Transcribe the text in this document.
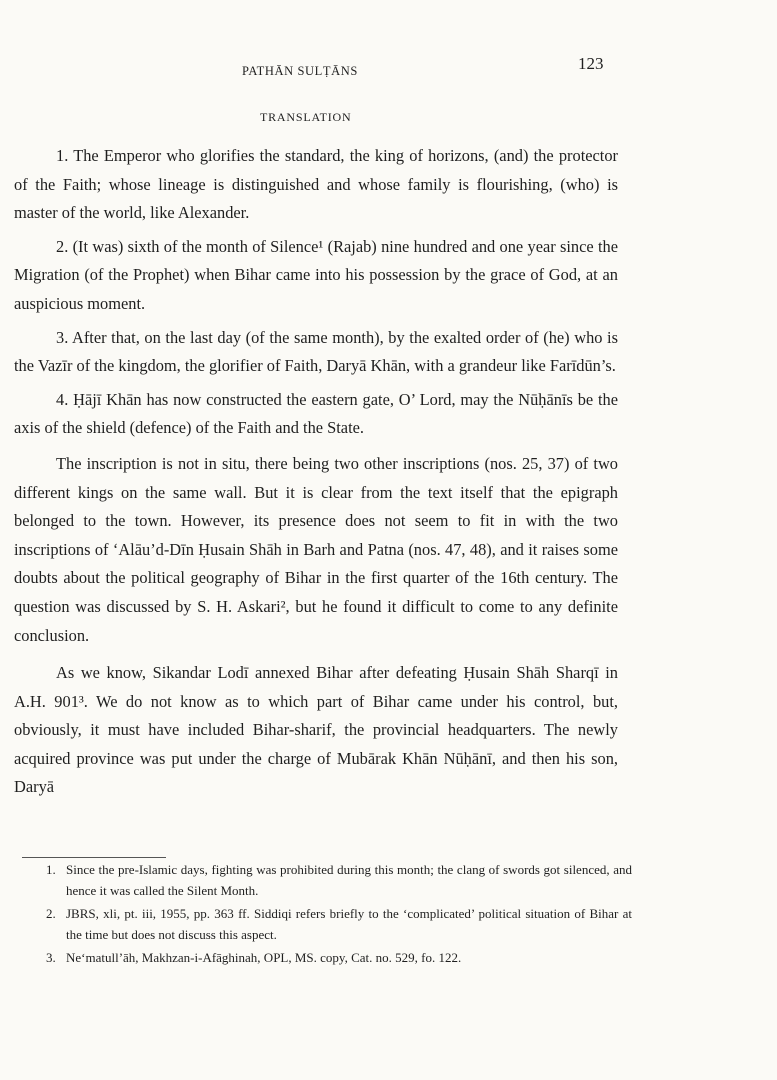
PATHĀN SULṬĀNS	123
TRANSLATION

1. The Emperor who glorifies the standard, the king of horizons, (and) the protector of the Faith; whose lineage is distinguished and whose family is flourishing, (who) is master of the world, like Alexander.

2. (It was) sixth of the month of Silence¹ (Rajab) nine hundred and one year since the Migration (of the Prophet) when Bihar came into his possession by the grace of God, at an auspicious moment.

3. After that, on the last day (of the same month), by the exalted order of (he) who is the Vazīr of the kingdom, the glorifier of Faith, Daryā Khān, with a grandeur like Farīdūn’s.

4. Ḥājī Khān has now constructed the eastern gate, O’ Lord, may the Nūḥānīs be the axis of the shield (defence) of the Faith and the State.

The inscription is not in situ, there being two other inscriptions (nos. 25, 37) of two different kings on the same wall. But it is clear from the text itself that the epigraph belonged to the town. However, its presence does not seem to fit in with the two inscriptions of ‘Alāu’d-Dīn Ḥusain Shāh in Barh and Patna (nos. 47, 48), and it raises some doubts about the political geography of Bihar in the first quarter of the 16th century. The question was discussed by S. H. Askari², but he found it difficult to come to any definite conclusion.

As we know, Sikandar Lodī annexed Bihar after defeating Ḥusain Shāh Sharqī in A.H. 901³. We do not know as to which part of Bihar came under his control, but, obviously, it must have included Bihar-sharif, the provincial headquarters. The newly acquired province was put under the charge of Mubārak Khān Nūḥānī, and then his son, Daryā

1. Since the pre-Islamic days, fighting was prohibited during this month; the clang of swords got silenced, and hence it was called the Silent Month.
2. JBRS, xli, pt. iii, 1955, pp. 363 ff. Siddiqi refers briefly to the ‘complicated’ political situation of Bihar at the time but does not discuss this aspect.
3. Ne‘matull’āh, Makhzan-i-Afāghinah, OPL, MS. copy, Cat. no. 529, fo. 122.
